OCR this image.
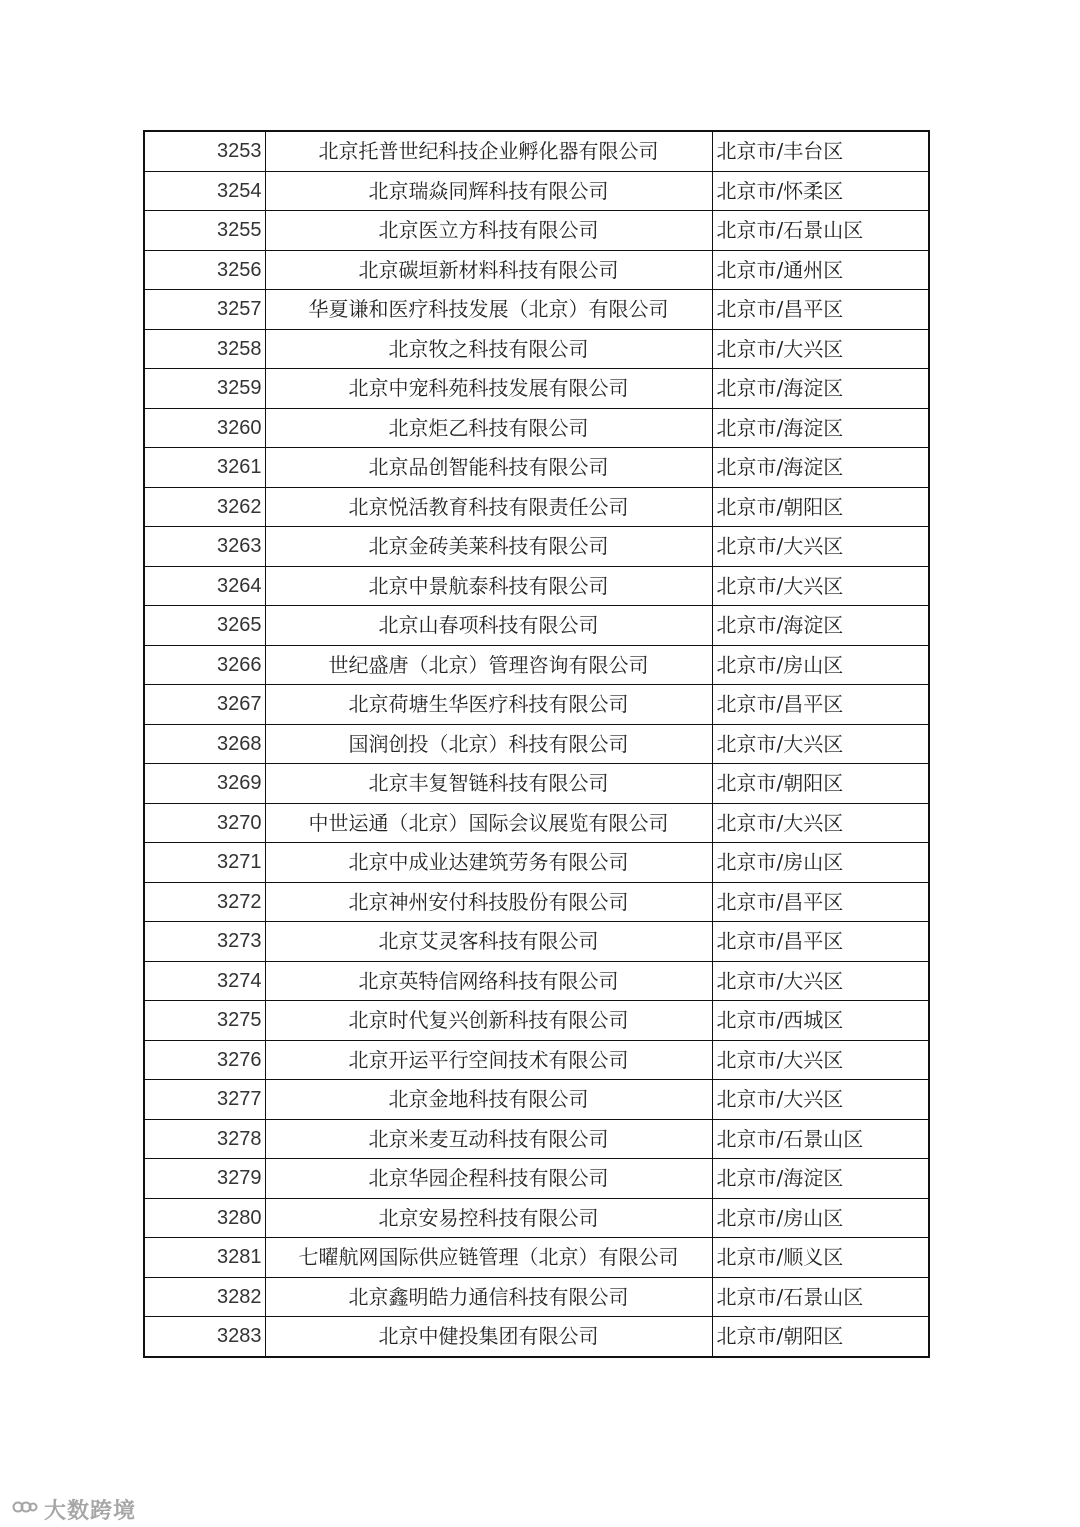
3253	北京托普世纪科技企业孵化器有限公司	北京市/丰台区
3254	北京瑞焱同辉科技有限公司	北京市/怀柔区
3255	北京医立方科技有限公司	北京市/石景山区
3256	北京碳垣新材料科技有限公司	北京市/通州区
3257	华夏谦和医疗科技发展（北京）有限公司	北京市/昌平区
3258	北京牧之科技有限公司	北京市/大兴区
3259	北京中宠科苑科技发展有限公司	北京市/海淀区
3260	北京炬乙科技有限公司	北京市/海淀区
3261	北京品创智能科技有限公司	北京市/海淀区
3262	北京悦活教育科技有限责任公司	北京市/朝阳区
3263	北京金砖美莱科技有限公司	北京市/大兴区
3264	北京中景航泰科技有限公司	北京市/大兴区
3265	北京山春项科技有限公司	北京市/海淀区
3266	世纪盛唐（北京）管理咨询有限公司	北京市/房山区
3267	北京荷塘生华医疗科技有限公司	北京市/昌平区
3268	国润创投（北京）科技有限公司	北京市/大兴区
3269	北京丰复智链科技有限公司	北京市/朝阳区
3270	中世运通（北京）国际会议展览有限公司	北京市/大兴区
3271	北京中成业达建筑劳务有限公司	北京市/房山区
3272	北京神州安付科技股份有限公司	北京市/昌平区
3273	北京艾灵客科技有限公司	北京市/昌平区
3274	北京英特信网络科技有限公司	北京市/大兴区
3275	北京时代复兴创新科技有限公司	北京市/西城区
3276	北京开运平行空间技术有限公司	北京市/大兴区
3277	北京金地科技有限公司	北京市/大兴区
3278	北京米麦互动科技有限公司	北京市/石景山区
3279	北京华园企程科技有限公司	北京市/海淀区
3280	北京安易控科技有限公司	北京市/房山区
3281	七曜航网国际供应链管理（北京）有限公司	北京市/顺义区
3282	北京鑫明皓力通信科技有限公司	北京市/石景山区
3283	北京中健投集团有限公司	北京市/朝阳区
大数跨境
